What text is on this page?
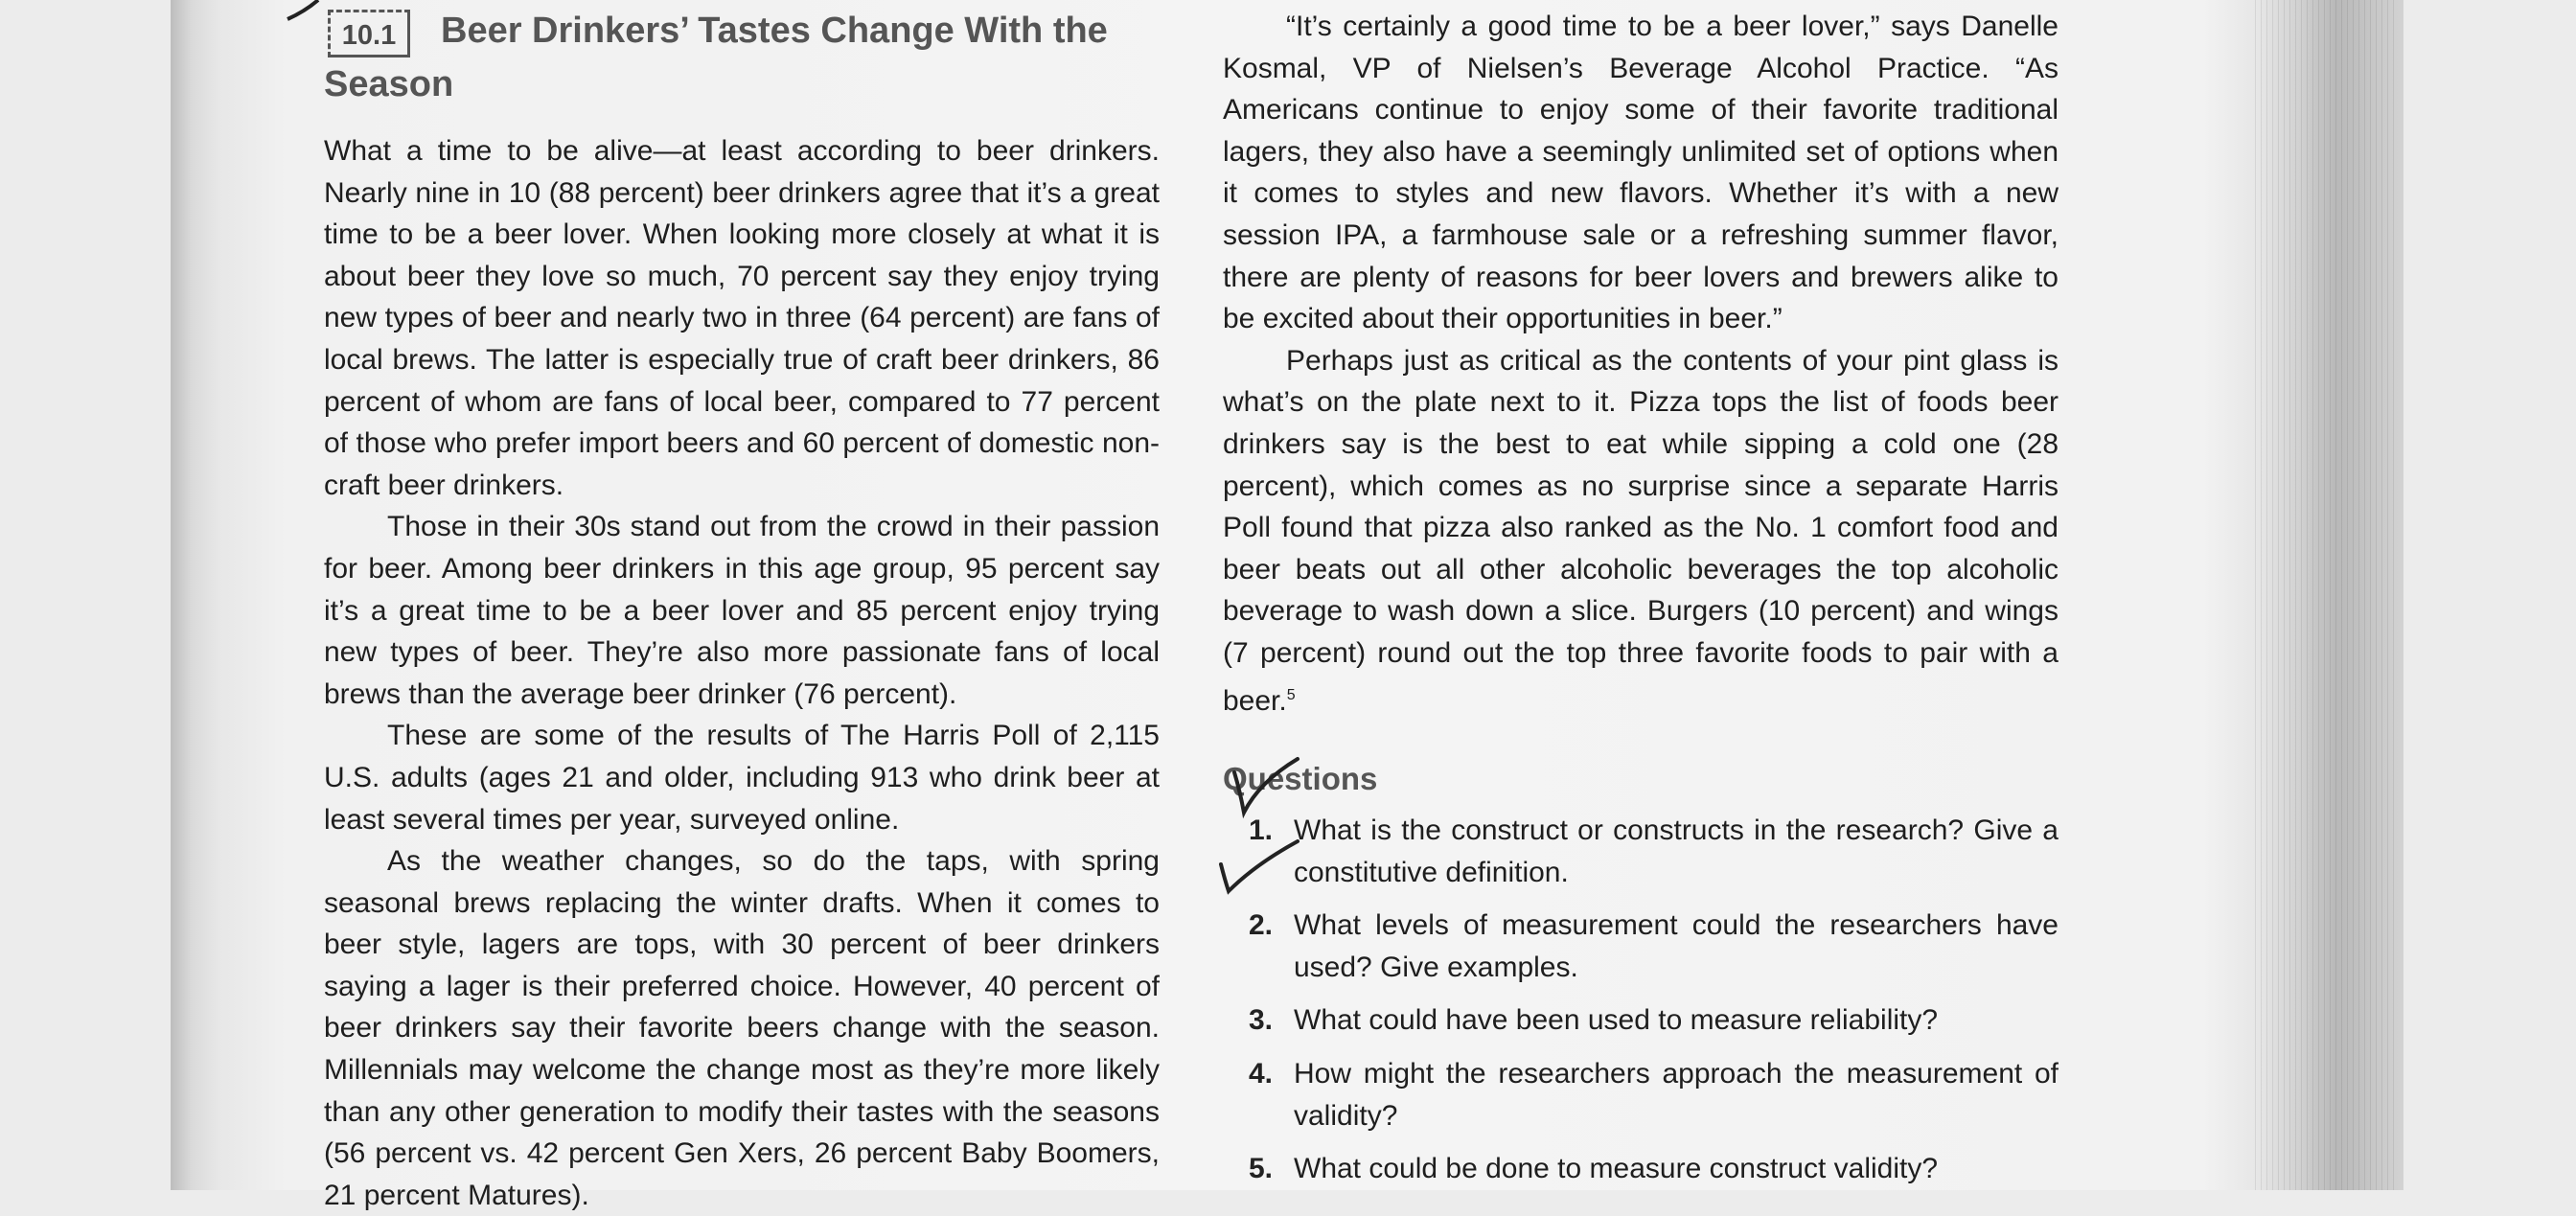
Beer Drinkers’ Tastes Change With the Season
10.1

What a time to be alive—at least according to beer drinkers. Nearly nine in 10 (88 percent) beer drinkers agree that it’s a great time to be a beer lover. When looking more closely at what it is about beer they love so much, 70 percent say they enjoy trying new types of beer and nearly two in three (64 percent) are fans of local brews. The latter is especially true of craft beer drinkers, 86 percent of whom are fans of local beer, compared to 77 percent of those who prefer import beers and 60 percent of domestic non-craft beer drinkers.

Those in their 30s stand out from the crowd in their passion for beer. Among beer drinkers in this age group, 95 percent say it’s a great time to be a beer lover and 85 percent enjoy trying new types of beer. They’re also more passionate fans of local brews than the average beer drinker (76 percent).

These are some of the results of The Harris Poll of 2,115 U.S. adults (ages 21 and older, including 913 who drink beer at least several times per year, surveyed online.

As the weather changes, so do the taps, with spring seasonal brews replacing the winter drafts. When it comes to beer style, lagers are tops, with 30 percent of beer drinkers saying a lager is their preferred choice. However, 40 percent of beer drinkers say their favorite beers change with the season. Millennials may welcome the change most as they’re more likely than any other generation to modify their tastes with the seasons (56 percent vs. 42 percent Gen Xers, 26 percent Baby Boomers, 21 percent Matures).

“It’s certainly a good time to be a beer lover,” says Danelle Kosmal, VP of Nielsen’s Beverage Alcohol Practice. “As Americans continue to enjoy some of their favorite traditional lagers, they also have a seemingly unlimited set of options when it comes to styles and new flavors. Whether it’s with a new session IPA, a farmhouse sale or a refreshing summer flavor, there are plenty of reasons for beer lovers and brewers alike to be excited about their opportunities in beer.”

Perhaps just as critical as the contents of your pint glass is what’s on the plate next to it. Pizza tops the list of foods beer drinkers say is the best to eat while sipping a cold one (28 percent), which comes as no surprise since a separate Harris Poll found that pizza also ranked as the No. 1 comfort food and beer beats out all other alcoholic beverages the top alcoholic beverage to wash down a slice. Burgers (10 percent) and wings (7 percent) round out the top three favorite foods to pair with a beer.$^5$

Questions
1. What is the construct or constructs in the research? Give a constitutive definition.
2. What levels of measurement could the researchers have used? Give examples.
3. What could have been used to measure reliability?
4. How might the researchers approach the measurement of validity?
5. What could be done to measure construct validity?
